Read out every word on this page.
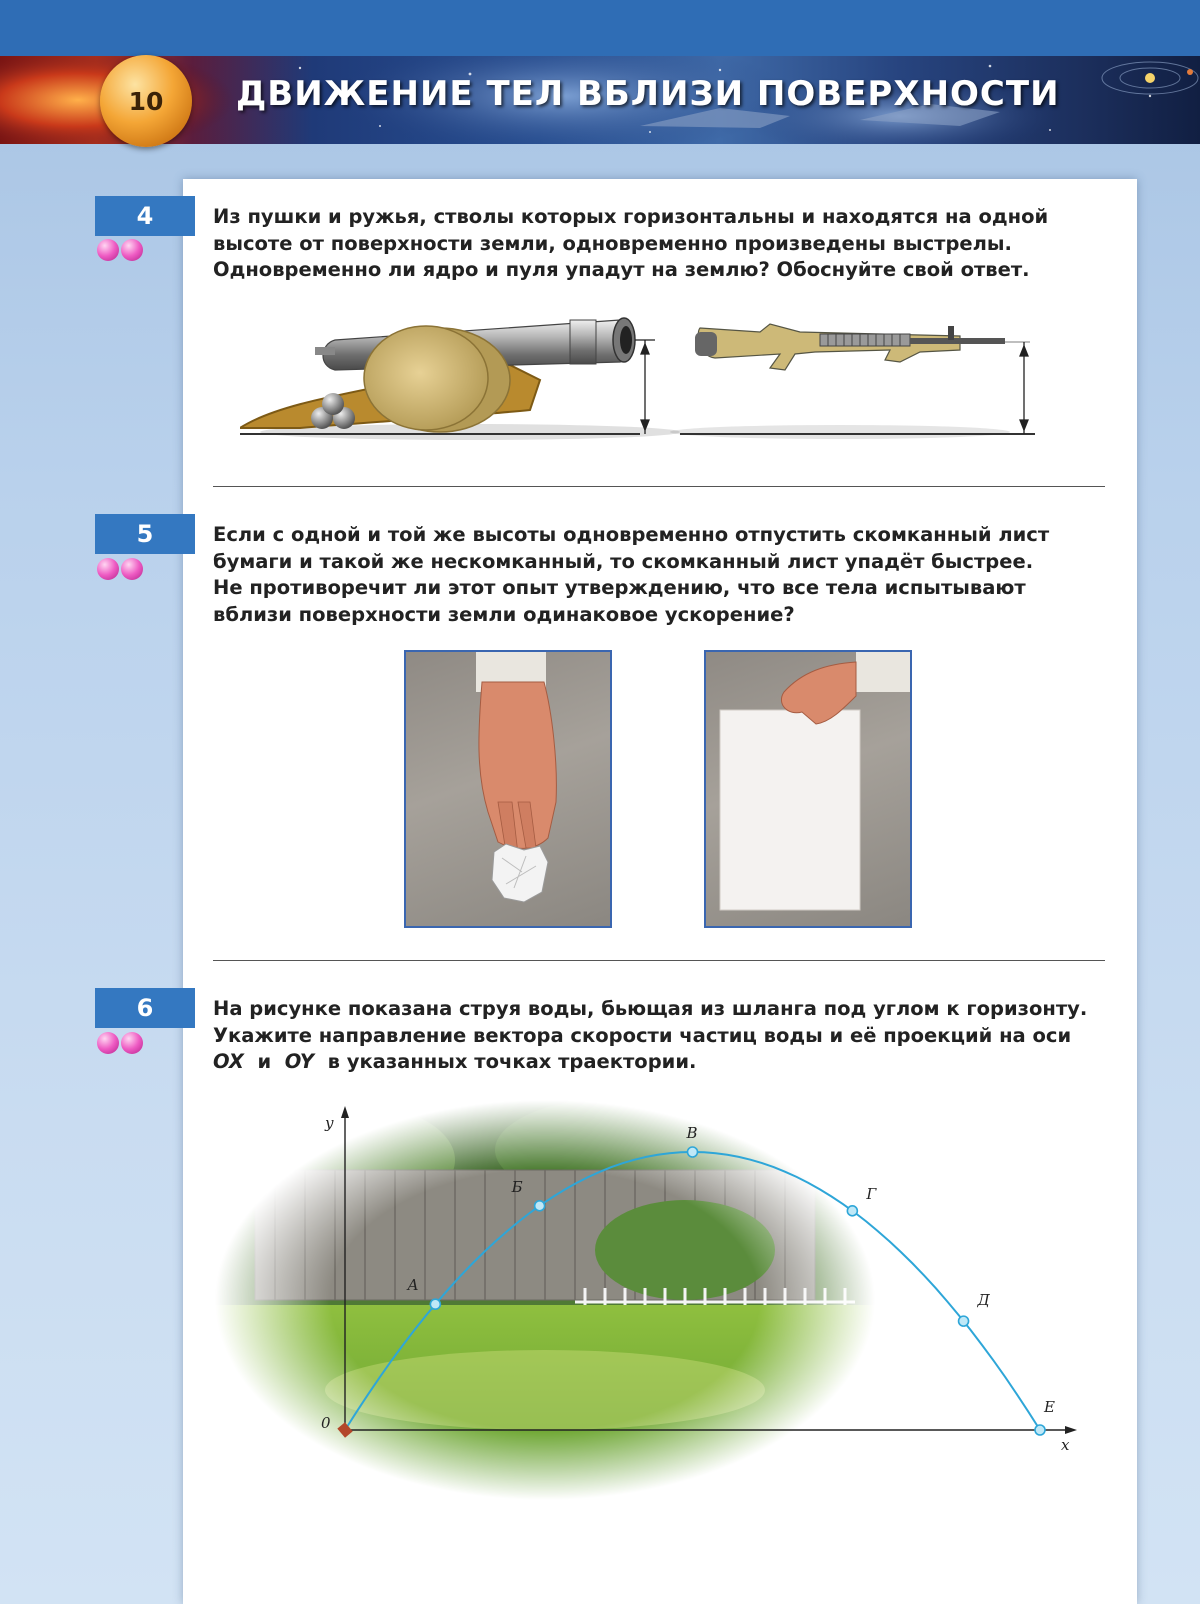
10 ДВИЖЕНИЕ ТЕЛ ВБЛИЗИ ПОВЕРХНОСТИ
4	Из пушки и ружья, стволы которых горизонтальны и находятся на одной

высоте от поверхности земли, одновременно произведены выстрелы.

Одновременно ли ядро и пуля упадут на землю? Обоснуйте свой ответ.

5	Если с одной и той же высоты одновременно отпустить скомканный лист

бумаги и такой же нескомканный, то скомканный лист упадёт быстрее.

Не противоречит ли этот опыт утверждению, что все тела испытывают

вблизи поверхности земли одинаковое ускорение?

6	На рисунке показана струя воды, бьющая из шланга под углом к горизонту.

Укажите направление вектора скорости частиц воды и её проекций на оси

OX и OY в указанных точках траектории.

y
x
0
А
Б
В
Г
Д
Е
